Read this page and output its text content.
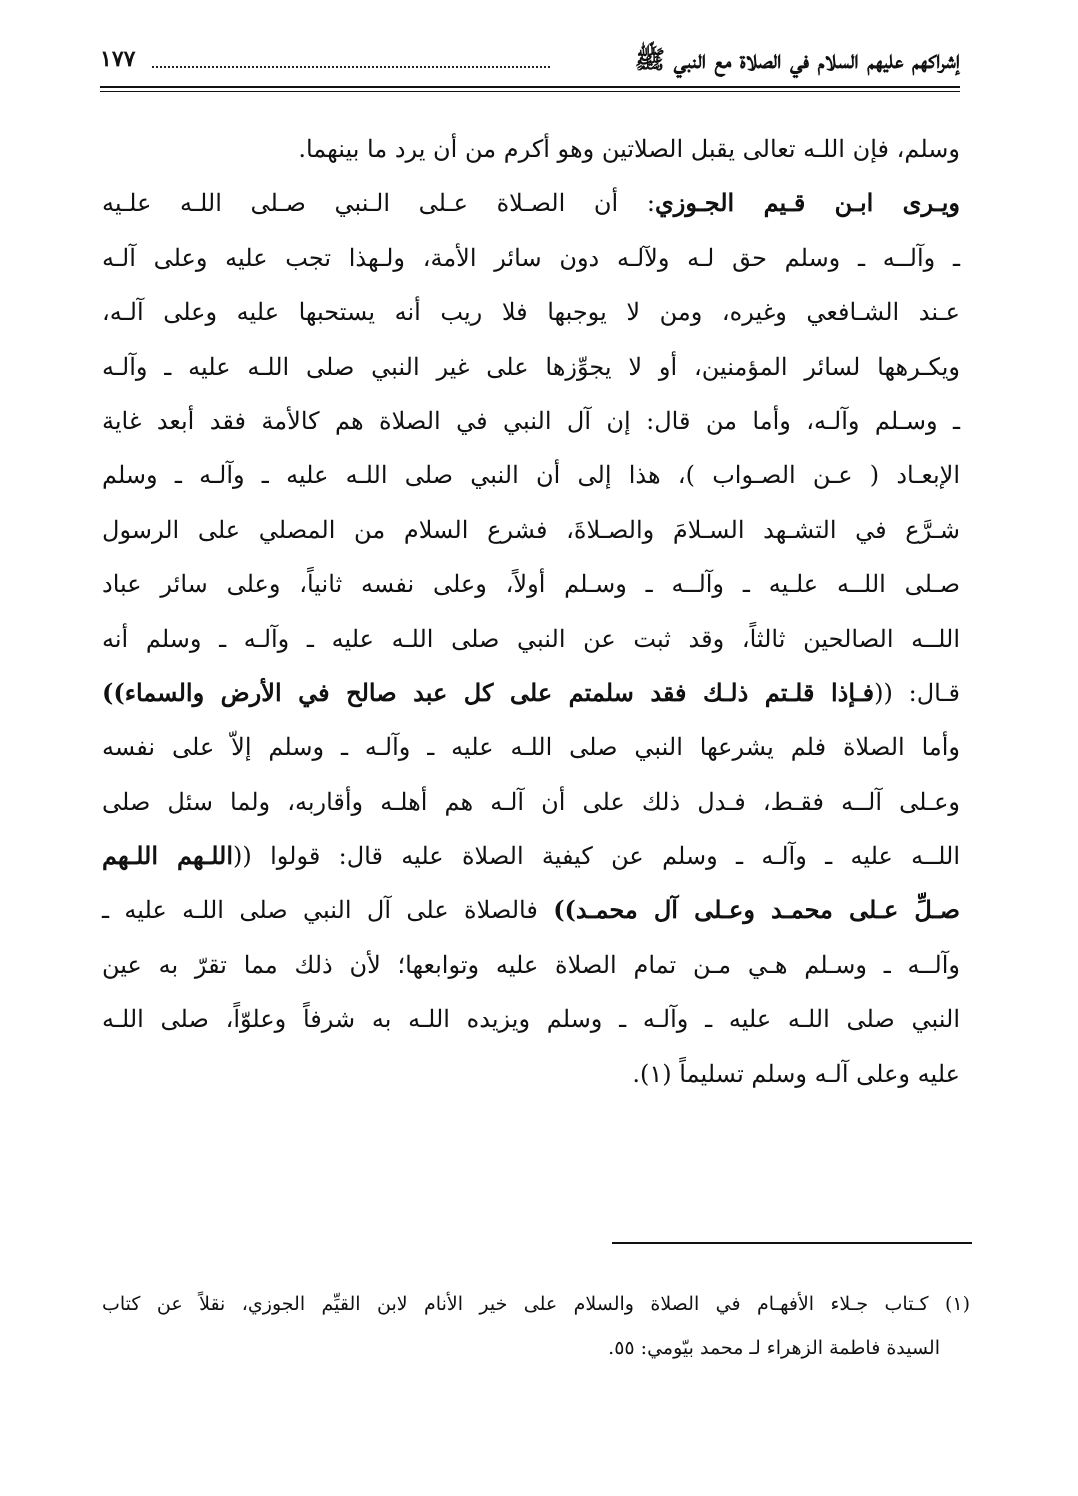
إشراكهم عليهم السلام في الصلاة مع النبي ﷺ
١٧٧
وسلم، فإن اللـه تعالى يقبل الصلاتين وهو أكرم من أن يرد ما بينهما.
ويـرى ابـن قـيم الجـوزي: أن الصـلاة عـلى الـنبي صـلى اللـه علـيه
ـ وآلــه ـ وسلم حق لـه ولآلـه دون سائر الأمة، ولـهذا تجب عليه وعلى آلـه
عـند الشـافعي وغيره، ومن لا يوجبها فلا ريب أنه يستحبها عليه وعلى آلـه،
ويكـرهها لسائر المؤمنين، أو لا يجوِّزها على غير النبي صلى اللـه عليه ـ وآلـه
ـ وسـلم وآلـه، وأما من قال: إن آل النبي في الصلاة هم كالأمة فقد أبعد غاية
الإبعـاد ( عـن الصـواب )، هذا إلى أن النبي صلى اللـه عليه ـ وآلـه ـ وسلم
شـرَّع في التشـهد السـلامَ والصـلاةَ، فشرع السلام من المصلي على الرسول
صـلى اللــه علـيه ـ وآلــه ـ وسـلم أولاً، وعلى نفسه ثانياً، وعلى سائر عباد
اللــه الصالحين ثالثاً، وقد ثبت عن النبي صلى اللـه عليه ـ وآلـه ـ وسلم أنه
قـال: ((فـإذا قلـتم ذلـك فقد سلمتم على كل عبد صالح في الأرض والسماء))
وأما الصلاة فلم يشرعها النبي صلى اللـه عليه ـ وآلـه ـ وسلم إلاّ على نفسه
وعـلى آلــه فقـط، فـدل ذلك على أن آلـه هم أهلـه وأقاربه، ولما سئل صلى
اللــه عليه ـ وآلـه ـ وسلم عن كيفية الصلاة عليه قال: قولوا ((اللـهم اللـهم
صـلِّ عـلى محمـد وعـلى آل محمـد)) فالصلاة على آل النبي صلى اللـه عليه ـ
وآلــه ـ وسـلم هـي مـن تمام الصلاة عليه وتوابعها؛ لأن ذلك مما تقرّ به عين
النبي صلى اللـه عليه ـ وآلـه ـ وسلم ويزيده اللـه به شرفاً وعلوّاً، صلى اللـه
عليه وعلى آلـه وسلم تسليماً (١).
(١) كـتاب جـلاء الأفهـام في الصلاة والسلام على خير الأنام لابن القيِّم الجوزي، نقلاً عن كتاب
السيدة فاطمة الزهراء لـ محمد بيّومي: ٥٥.
